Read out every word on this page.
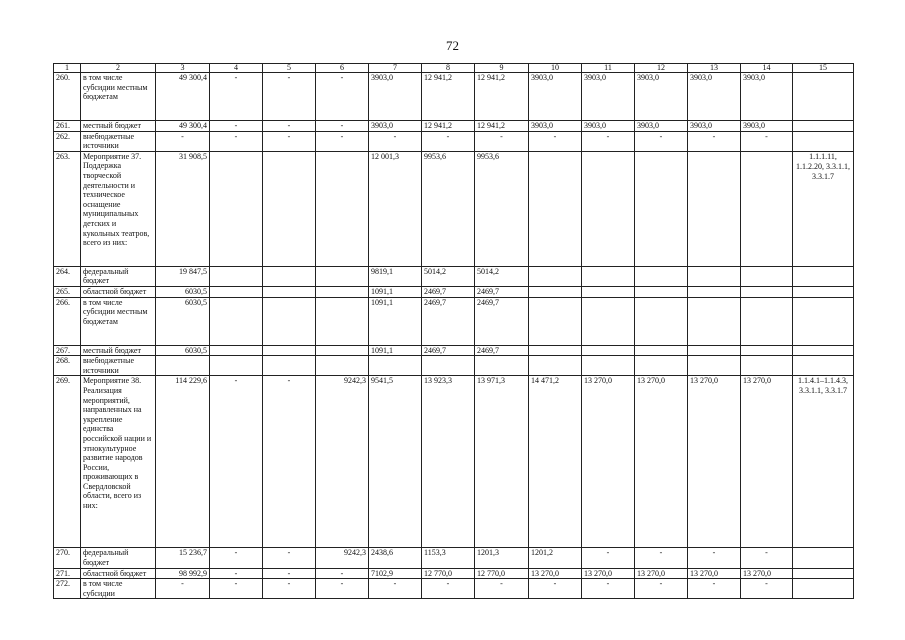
72
1	2	3	4	5	6	7	8	9	10	11	12	13	14	15
260.	в том числе субсидии местным бюджетам	49 300,4	-	-	-	3903,0	12 941,2	12 941,2	3903,0	3903,0	3903,0	3903,0	3903,0	
261.	местный бюджет	49 300,4	-	-	-	3903,0	12 941,2	12 941,2	3903,0	3903,0	3903,0	3903,0	3903,0	
262.	внебюджетные источники	-	-	-	-	-	-	-	-	-	-	-	-	
263.	Мероприятие 37. Поддержка творческой деятельности и техническое оснащение муниципальных детских и кукольных театров, всего из них:	31 908,5				12 001,3	9953,6	9953,6						1.1.1.11, 1.1.2.20, 3.3.1.1, 3.3.1.7
264.	федеральный бюджет	19 847,5				9819,1	5014,2	5014,2						
265.	областной бюджет	6030,5				1091,1	2469,7	2469,7						
266.	в том числе субсидии местным бюджетам	6030,5				1091,1	2469,7	2469,7						
267.	местный бюджет	6030,5				1091,1	2469,7	2469,7						
268.	внебюджетные источники													
269.	Мероприятие 38. Реализация мероприятий, направленных на укрепление единства российской нации и этнокультурное развитие народов России, проживающих в Свердловской области, всего из них:	114 229,6	-	-	9242,3	9541,5	13 923,3	13 971,3	14 471,2	13 270,0	13 270,0	13 270,0	13 270,0	1.1.4.1–1.1.4.3, 3.3.1.1, 3.3.1.7
270.	федеральный бюджет	15 236,7	-	-	9242,3	2438,6	1153,3	1201,3	1201,2	-	-	-	-	
271.	областной бюджет	98 992,9	-	-	-	7102,9	12 770,0	12 770,0	13 270,0	13 270,0	13 270,0	13 270,0	13 270,0	
272.	в том числе субсидии	-	-	-	-	-	-	-	-	-	-	-	-	
